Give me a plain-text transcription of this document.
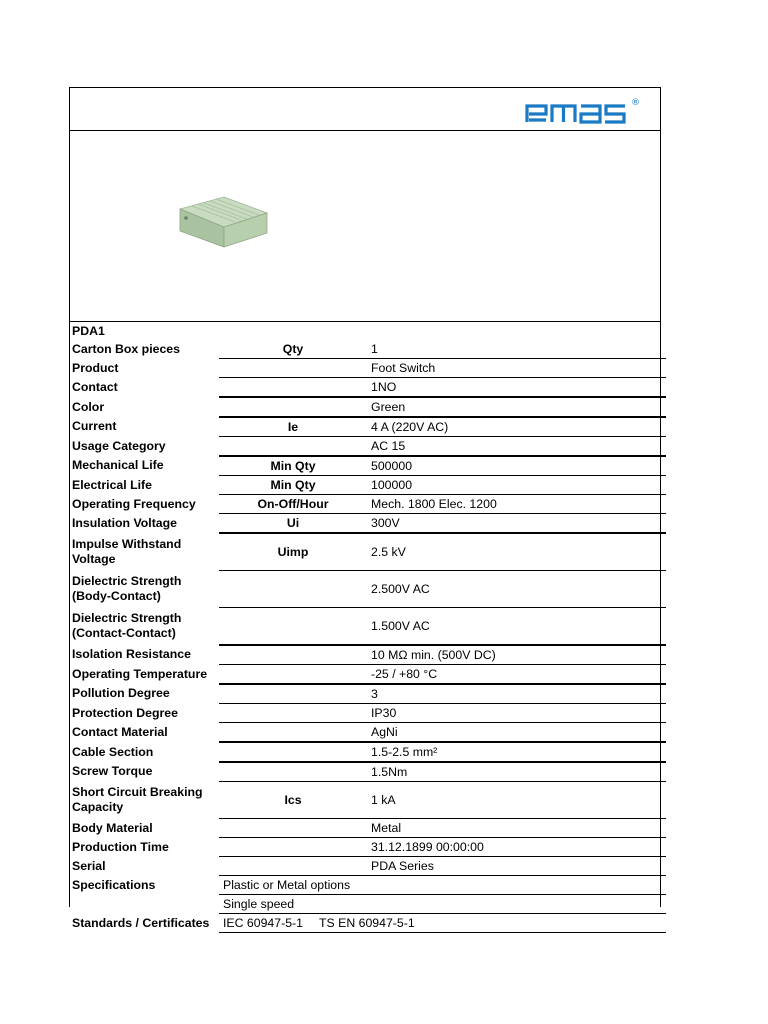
®
PDA1		
Carton Box pieces	Qty	1
Product		Foot Switch
Contact		1NO
Color		Green
Current	Ie	4 A (220V AC)
Usage Category		AC 15
Mechanical Life	Min Qty	500000
Electrical Life	Min Qty	100000
Operating Frequency	On-Off/Hour	Mech. 1800 Elec. 1200
Insulation Voltage	Ui	300V
Impulse Withstand Voltage	Uimp	2.5 kV
Dielectric Strength (Body-Contact)		2.500V AC
Dielectric Strength (Contact-Contact)		1.500V AC
Isolation Resistance		10 MΩ min. (500V DC)
Operating Temperature		-25 / +80 °C
Pollution Degree		3
Protection Degree		IP30
Contact Material		AgNi
Cable Section		1.5-2.5 mm²
Screw Torque		1.5Nm
Short Circuit Breaking Capacity	Ics	1 kA
Body Material		Metal
Production Time		31.12.1899 00:00:00
Serial		PDA Series
Specifications	Plastic or Metal options	
	Single speed	
Standards / Certificates	IEC 60947-5-1 TS EN 60947-5-1	
